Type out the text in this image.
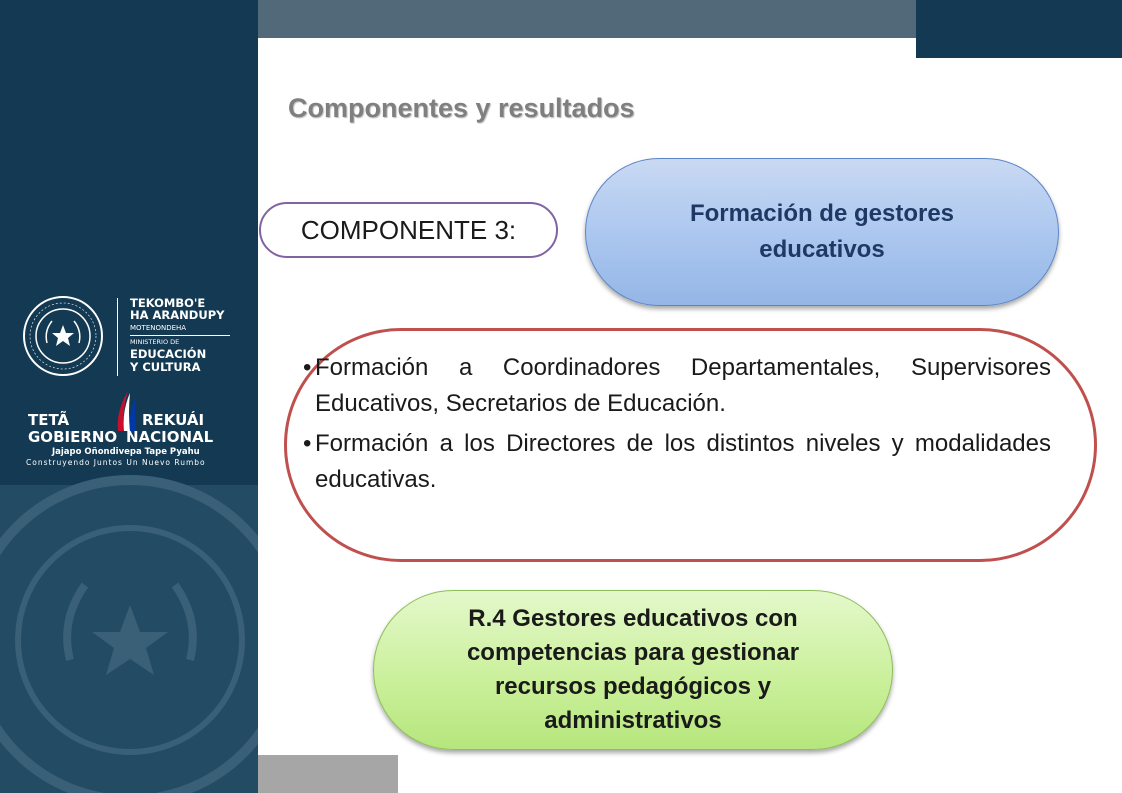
TEKOMBO'E
HA ARANDUPY
MOTENONDEHA
MINISTERIO DE
EDUCACIÓN
Y CULTURA
TETÃ	REKUÁI
GOBIERNO NACIONAL
Jajapo Oñondivepa Tape Pyahu
Construyendo Juntos Un Nuevo Rumbo
Componentes y resultados
COMPONENTE 3:
Formación de gestores educativos
• Formación a Coordinadores Departamentales, Supervisores Educativos, Secretarios de Educación.
• Formación a los Directores de los distintos niveles y modalidades educativas.
R.4 Gestores educativos con competencias para gestionar recursos pedagógicos y administrativos
